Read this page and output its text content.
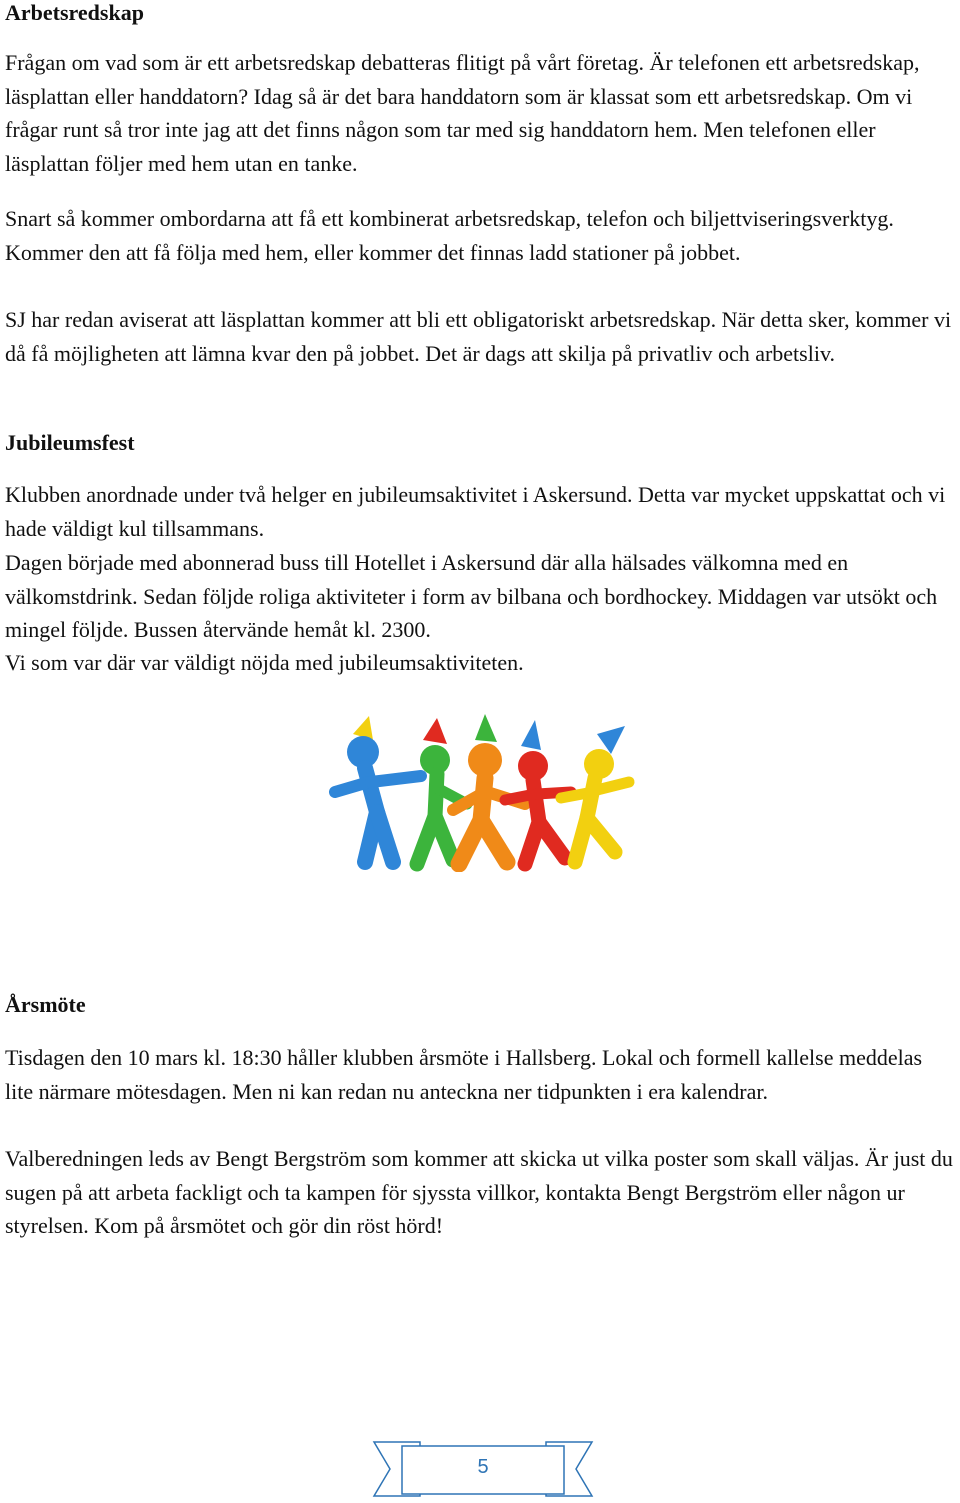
Arbetsredskap

Frågan om vad som är ett arbetsredskap debatteras flitigt på vårt företag. Är telefonen ett arbetsredskap, läsplattan eller handdatorn? Idag så är det bara handdatorn som är klassat som ett arbetsredskap. Om vi frågar runt så tror inte jag att det finns någon som tar med sig handdatorn hem. Men telefonen eller läsplattan följer med hem utan en tanke.

Snart så kommer ombordarna att få ett kombinerat arbetsredskap, telefon och biljettviseringsverktyg. Kommer den att få följa med hem, eller kommer det finnas ladd stationer på jobbet.

SJ har redan aviserat att läsplattan kommer att bli ett obligatoriskt arbetsredskap. När detta sker, kommer vi då få möjligheten att lämna kvar den på jobbet. Det är dags att skilja på privatliv och arbetsliv.

Jubileumsfest

Klubben anordnade under två helger en jubileumsaktivitet i Askersund. Detta var mycket uppskattat och vi hade väldigt kul tillsammans.

Dagen började med abonnerad buss till Hotellet i Askersund där alla hälsades välkomna med en välkomstdrink. Sedan följde roliga aktiviteter i form av bilbana och bordhockey. Middagen var utsökt och mingel följde. Bussen återvände hemåt kl. 2300.

Vi som var där var väldigt nöjda med jubileumsaktiviteten.

Årsmöte

Tisdagen den 10 mars kl. 18:30 håller klubben årsmöte i Hallsberg. Lokal och formell kallelse meddelas lite närmare mötesdagen. Men ni kan redan nu anteckna ner tidpunkten i era kalendrar.

Valberedningen leds av Bengt Bergström som kommer att skicka ut vilka poster som skall väljas. Är just du sugen på att arbeta fackligt och ta kampen för sjyssta villkor, kontakta Bengt Bergström eller någon ur styrelsen. Kom på årsmötet och gör din röst hörd!

5
